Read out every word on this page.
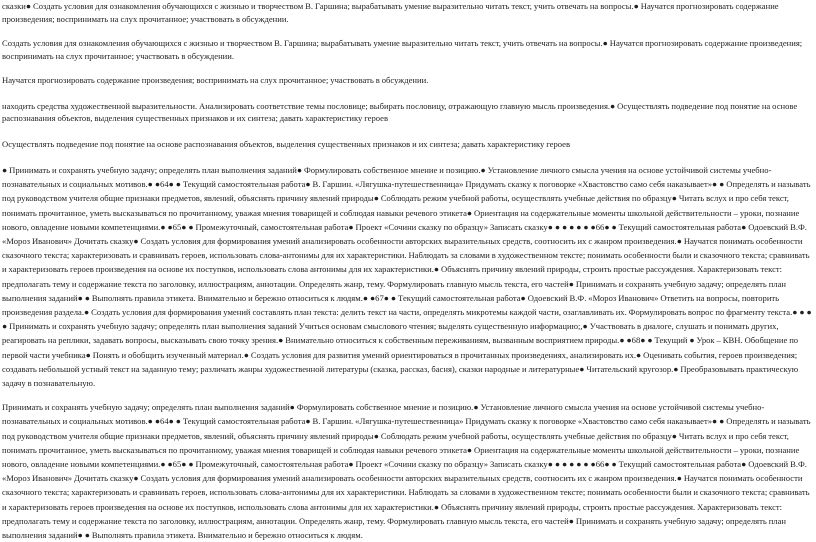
сказки● Создать условия для ознакомления обучающихся с жизнью и творчеством В. Гаршина; вырабатывать умение выразительно читать текст, учить отвечать на вопросы.● Научатся прогнозировать содержание произведения; воспринимать на слух прочитанное; участвовать в обсуждении.

Создать условия для ознакомления обучающихся с жизнью и творчеством В. Гаршина; вырабатывать умение выразительно читать текст, учить отвечать на вопросы.● Научатся прогнозировать содержание произведения; воспринимать на слух прочитанное; участвовать в обсуждении.

Научатся прогнозировать содержание произведения; воспринимать на слух прочитанное; участвовать в обсуждении.

находить средства художественной выразительности. Анализировать соответствие темы пословице; выбирать пословицу, отражающую главную мысль произведения.● Осуществлять подведение под понятие на основе распознавания объектов, выделения существенных признаков и их синтеза; давать характеристику героев

Осуществлять подведение под понятие на основе распознавания объектов, выделения существенных признаков и их синтеза; давать характеристику героев

● Принимать и сохранять учебную задачу; определять план выполнения заданий● Формулировать собственное мнение и позицию.● Установление личного смысла учения на основе устойчивой системы учебно-познавательных и социальных мотивов.● ●64● ● Текущий самостоятельная работа● В. Гаршин. «Лягушка-путешественница» Придумать сказку к поговорке «Хвастовство само себя наказывает»● ● Определять и называть под руководством учителя общие признаки предметов, явлений, объяснять причину явлений природы● Соблюдать режим учебной работы, осуществлять учебные действия по образцу● Читать вслух и про себя текст, понимать прочитанное, уметь высказываться по прочитанному, уважая мнения товарищей и соблюдая навыки речевого этикета● Ориентация на содержательные моменты школьной действительности – уроки, познание нового, овладение новыми компетенциями.● ●65● ● Промежуточный, самостоятельная работа● Проект «Сочини сказку по образцу» Записать сказку● ● ● ● ● ● ●66● ● Текущий самостоятельная работа● Одоевский В.Ф. «Мороз Иванович» Дочитать сказку● Создать условия для формирования умений анализировать особенности авторских выразительных средств, соотносить их с жанром произведения.● Научатся понимать особенности сказочного текста; характеризовать и сравнивать героев, использовать слова-антонимы для их характеристики. Наблюдать за словами в художественном тексте; понимать особенности были и сказочного текста; сравнивать и характеризовать героев произведения на основе их поступков, использовать слова антонимы для их характеристики.● Объяснять причину явлений природы, строить простые рассуждения. Характеризовать текст: предполагать тему и содержание текста по заголовку, иллюстрациям, аннотации. Определять жанр, тему. Формулировать главную мысль текста, его частей● Принимать и сохранять учебную задачу; определять план выполнения заданий● ● Выполнять правила этикета. Внимательно и бережно относиться к людям.● ●67● ● Текущий самостоятельная работа● Одоевский В.Ф. «Мороз Иванович» Ответить на вопросы, повторить произведения раздела.● Создать условия для формирования умений составлять план текста: делить текст на части, определять микротемы каждой части, озаглавливать их. Формулировать вопрос по фрагменту текста.● ● ● ● Принимать и сохранять учебную задачу; определять план выполнения заданий Учиться основам смыслового чтения; выделять существенную информацию;,● Участвовать в диалоге, слушать и понимать других, реагировать на реплики, задавать вопросы, высказывать свою точку зрения.● Внимательно относиться к собственным переживаниям, вызванным восприятием природы.● ●68● ● Текущий ● Урок – КВН. Обобщение по первой части учебника● Понять и обобщить изученный материал.● Создать условия для развития умений ориентироваться в прочитанных произведениях, анализировать их.● Оценивать события, героев произведения; создавать небольшой устный текст на заданную тему; различать жанры художественной литературы (сказка, рассказ, басня), сказки народные и литературные● Читательский кругозор.● Преобразовывать практическую задачу в познавательную.

Принимать и сохранять учебную задачу; определять план выполнения заданий● Формулировать собственное мнение и позицию.● Установление личного смысла учения на основе устойчивой системы учебно-познавательных и социальных мотивов.● ●64● ● Текущий самостоятельная работа● В. Гаршин. «Лягушка-путешественница» Придумать сказку к поговорке «Хвастовство само себя наказывает»● ● Определять и называть под руководством учителя общие признаки предметов, явлений, объяснять причину явлений природы● Соблюдать режим учебной работы, осуществлять учебные действия по образцу● Читать вслух и про себя текст, понимать прочитанное, уметь высказываться по прочитанному, уважая мнения товарищей и соблюдая навыки речевого этикета● Ориентация на содержательные моменты школьной действительности – уроки, познание нового, овладение новыми компетенциями.● ●65● ● Промежуточный, самостоятельная работа● Проект «Сочини сказку по образцу» Записать сказку● ● ● ● ● ● ●66● ● Текущий самостоятельная работа● Одоевский В.Ф. «Мороз Иванович» Дочитать сказку● Создать условия для формирования умений анализировать особенности авторских выразительных средств, соотносить их с жанром произведения.● Научатся понимать особенности сказочного текста; характеризовать и сравнивать героев, использовать слова-антонимы для их характеристики. Наблюдать за словами в художественном тексте; понимать особенности были и сказочного текста; сравнивать и характеризовать героев произведения на основе их поступков, использовать слова антонимы для их характеристики.● Объяснять причину явлений природы, строить простые рассуждения. Характеризовать текст: предполагать тему и содержание текста по заголовку, иллюстрациям, аннотации. Определять жанр, тему. Формулировать главную мысль текста, его частей● Принимать и сохранять учебную задачу; определять план выполнения заданий● ● Выполнять правила этикета. Внимательно и бережно относиться к людям.
